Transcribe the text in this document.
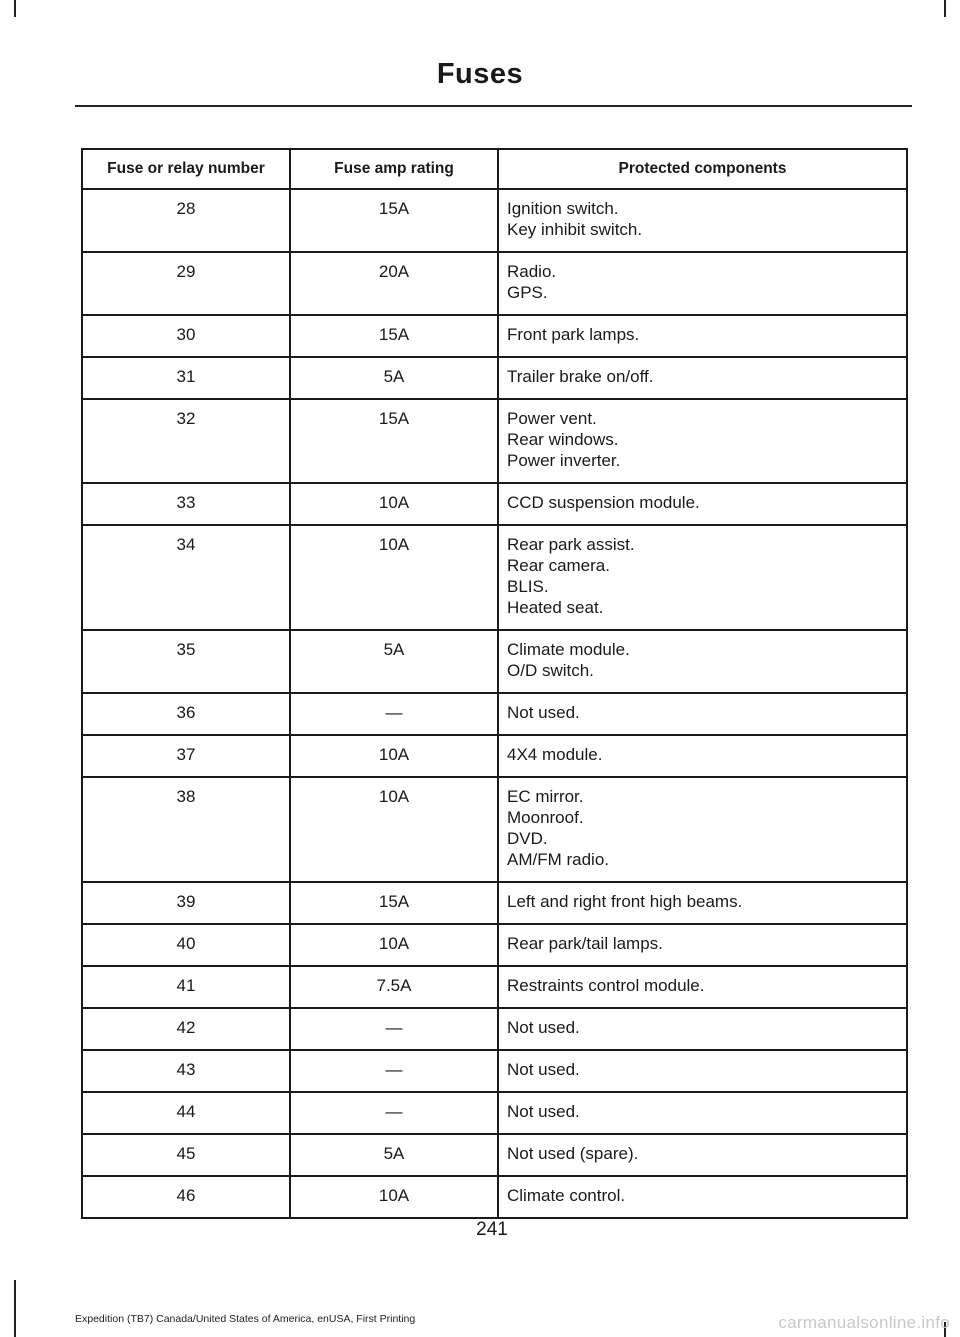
Fuses
Fuse or relay number	Fuse amp rating	Protected components
28	15A	Ignition switch.
Key inhibit switch.

29	20A	Radio.
GPS.

30	15A	Front park lamps.

31	5A	Trailer brake on/off.

32	15A	Power vent.
Rear windows.
Power inverter.

33	10A	CCD suspension module.

34	10A	Rear park assist.
Rear camera.
BLIS.
Heated seat.

35	5A	Climate module.
O/D switch.

36	—	Not used.

37	10A	4X4 module.

38	10A	EC mirror.
Moonroof.
DVD.
AM/FM radio.

39	15A	Left and right front high beams.

40	10A	Rear park/tail lamps.

41	7.5A	Restraints control module.

42	—	Not used.

43	—	Not used.

44	—	Not used.

45	5A	Not used (spare).

46	10A	Climate control.
241
Expedition (TB7) Canada/United States of America, enUSA, First Printing	carmanualsonline.info
